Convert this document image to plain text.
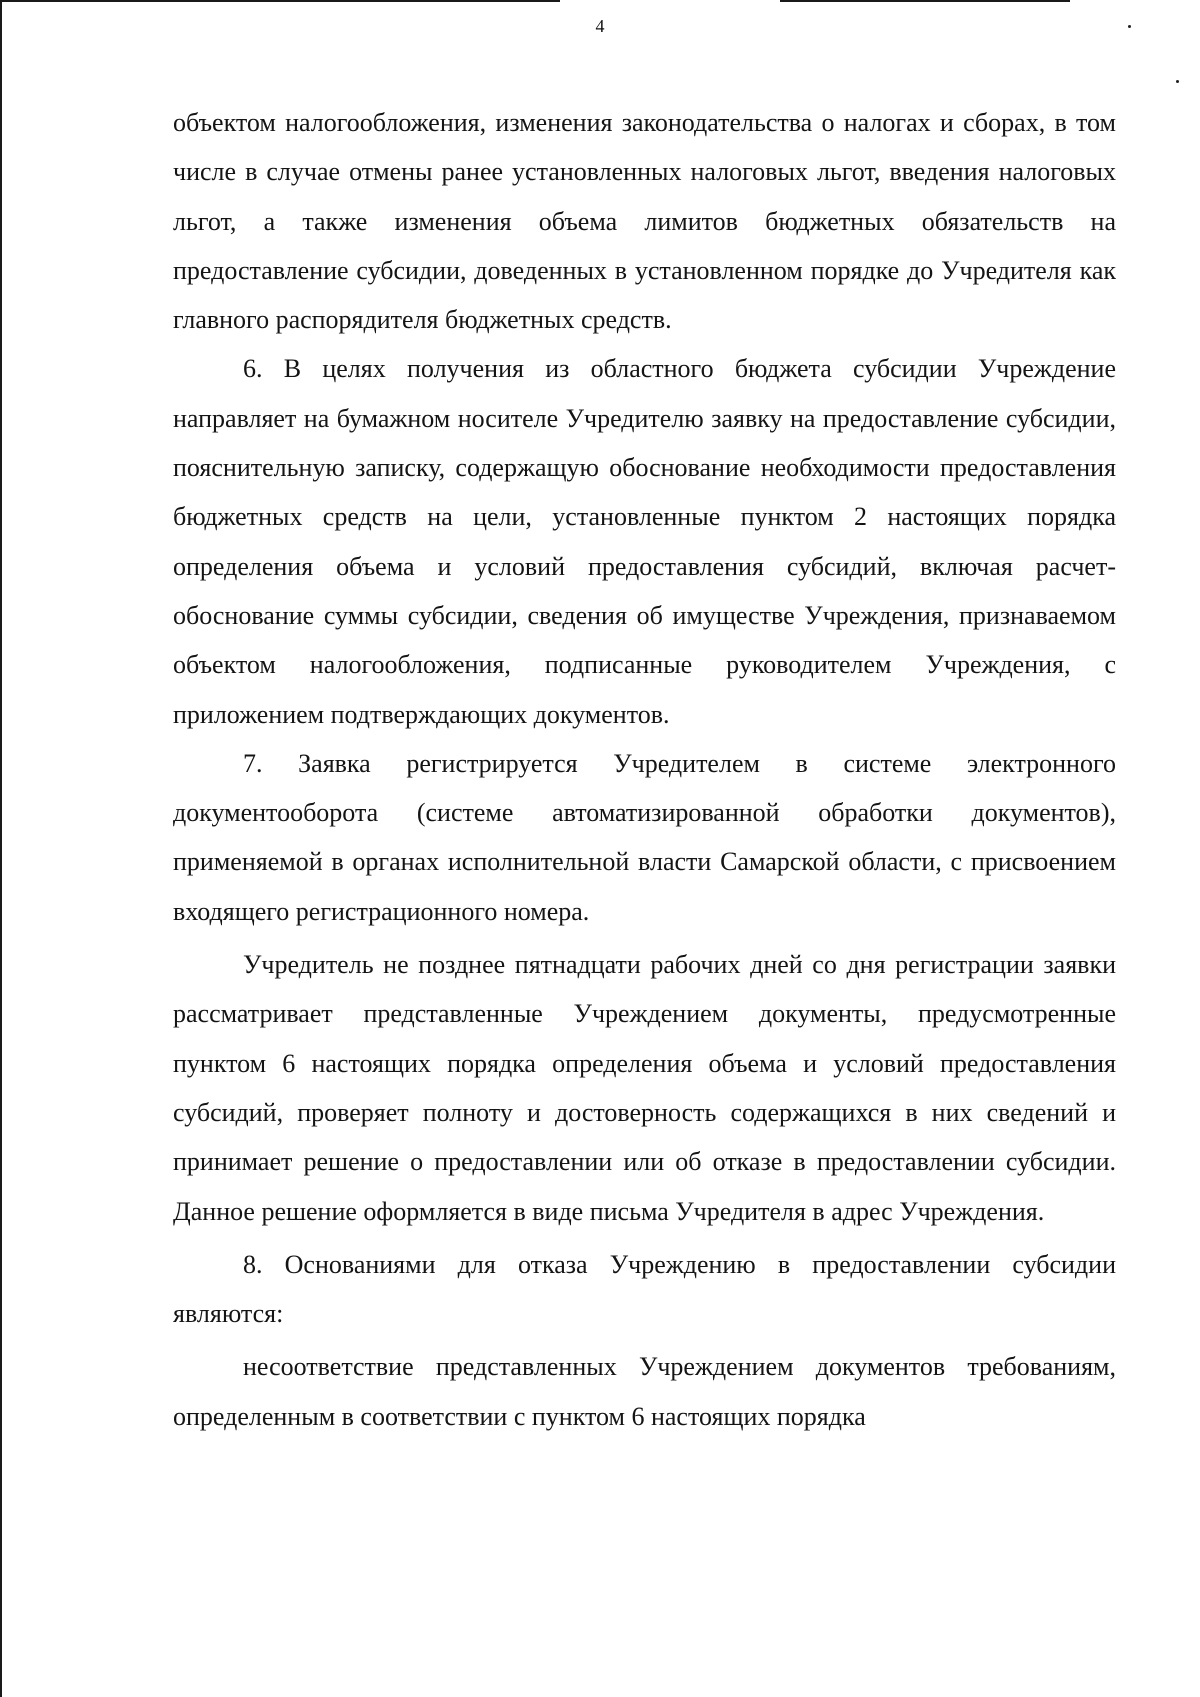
4

объектом налогообложения, изменения законодательства о налогах и сборах, в том числе в случае отмены ранее установленных налоговых льгот, введения налоговых льгот, а также изменения объема лимитов бюджетных обязательств на предоставление субсидии, доведенных в установленном порядке до Учредителя как главного распорядителя бюджетных средств.

6. В целях получения из областного бюджета субсидии Учреждение направляет на бумажном носителе Учредителю заявку на предоставление субсидии, пояснительную записку, содержащую обоснование необходимости предоставления бюджетных средств на цели, установленные пунктом 2 настоящих порядка определения объема и условий предоставления субсидий, включая расчет-обоснование суммы субсидии, сведения об имуществе Учреждения, признаваемом объектом налогообложения, подписанные руководителем Учреждения, с приложением подтверждающих документов.

7. Заявка регистрируется Учредителем в системе электронного документооборота (системе автоматизированной обработки документов), применяемой в органах исполнительной власти Самарской области, с присвоением входящего регистрационного номера.

Учредитель не позднее пятнадцати рабочих дней со дня регистрации заявки рассматривает представленные Учреждением документы, предусмотренные пунктом 6 настоящих порядка определения объема и условий предоставления субсидий, проверяет полноту и достоверность содержащихся в них сведений и принимает решение о предоставлении или об отказе в предоставлении субсидии. Данное решение оформляется в виде письма Учредителя в адрес Учреждения.

8. Основаниями для отказа Учреждению в предоставлении субсидии являются:

несоответствие представленных Учреждением документов требованиям, определенным в соответствии с пунктом 6 настоящих порядка
